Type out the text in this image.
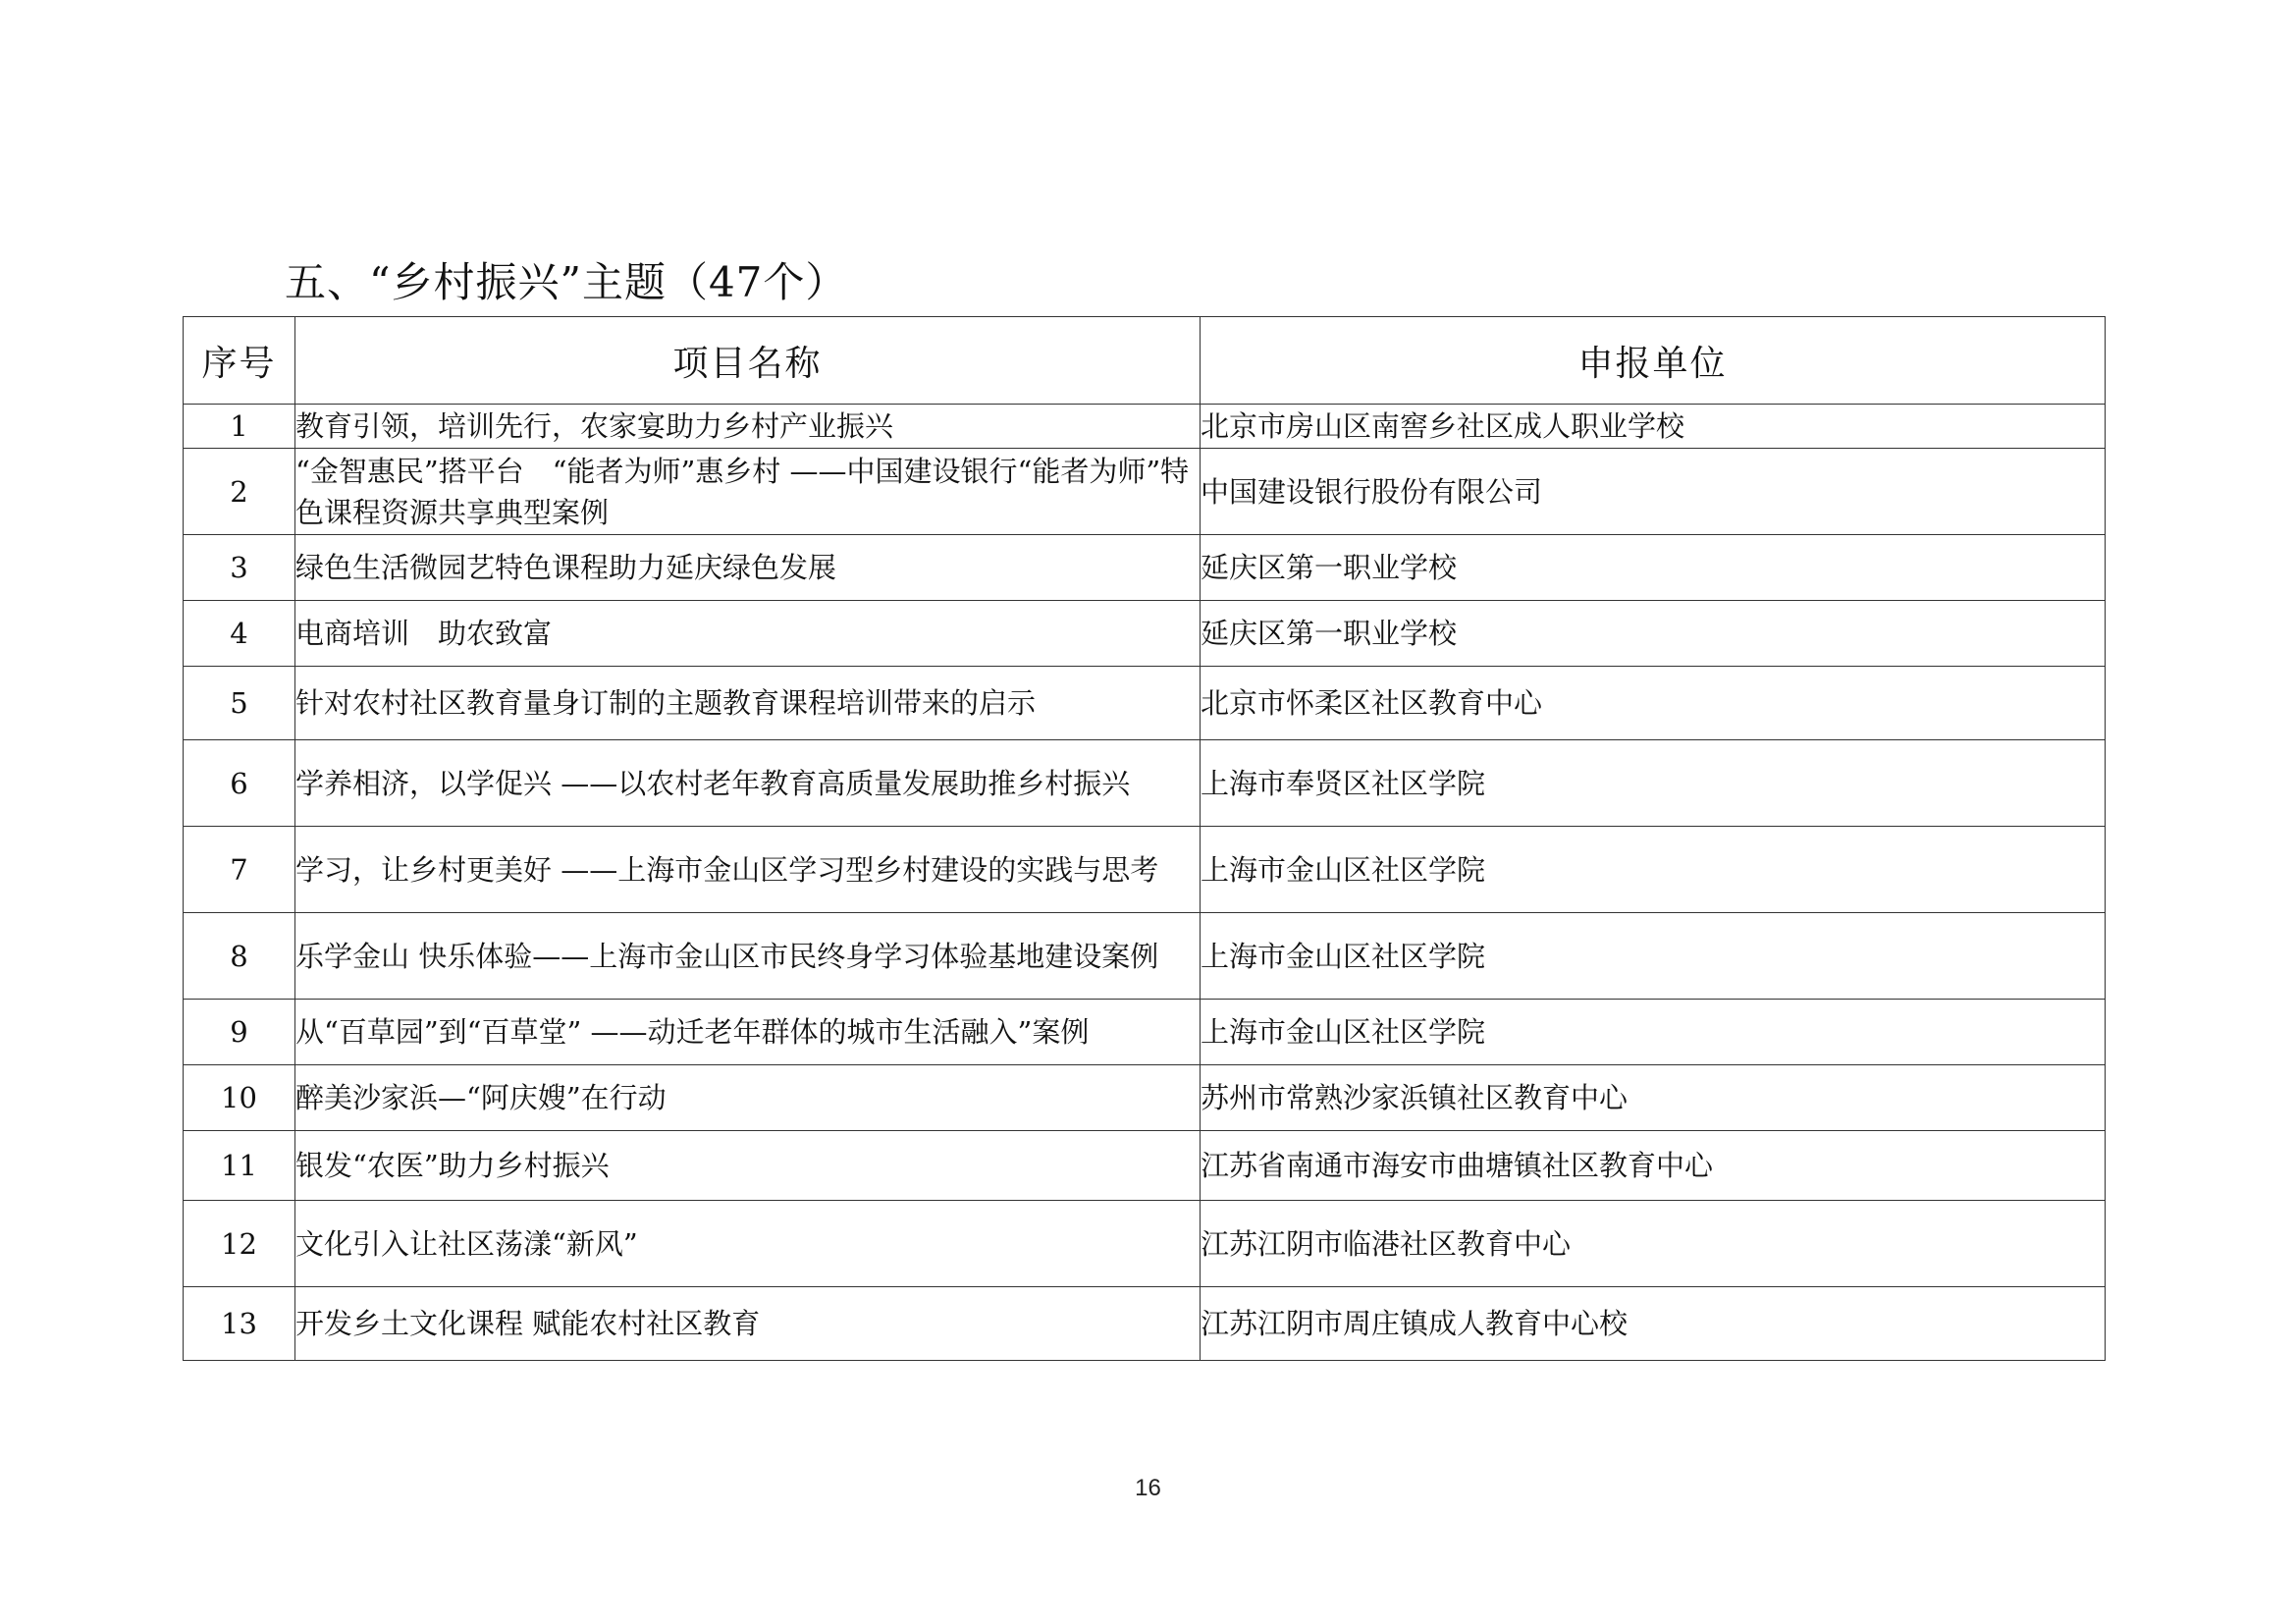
五、“乡村振兴”主题（47个）
序号	项目名称	申报单位
1	教育引领，培训先行，农家宴助力乡村产业振兴	北京市房山区南窖乡社区成人职业学校
2	“金智惠民”搭平台　“能者为师”惠乡村 ——中国建设银行“能者为师”特色课程资源共享典型案例	中国建设银行股份有限公司
3	绿色生活微园艺特色课程助力延庆绿色发展	延庆区第一职业学校
4	电商培训　助农致富	延庆区第一职业学校
5	针对农村社区教育量身订制的主题教育课程培训带来的启示	北京市怀柔区社区教育中心
6	学养相济，以学促兴 ——以农村老年教育高质量发展助推乡村振兴	上海市奉贤区社区学院
7	学习，让乡村更美好 ——上海市金山区学习型乡村建设的实践与思考	上海市金山区社区学院
8	乐学金山 快乐体验——上海市金山区市民终身学习体验基地建设案例	上海市金山区社区学院
9	从“百草园”到“百草堂” ——动迁老年群体的城市生活融入”案例	上海市金山区社区学院
10	醉美沙家浜—“阿庆嫂”在行动	苏州市常熟沙家浜镇社区教育中心
11	银发“农医”助力乡村振兴	江苏省南通市海安市曲塘镇社区教育中心
12	文化引入让社区荡漾“新风”	江苏江阴市临港社区教育中心
13	开发乡土文化课程 赋能农村社区教育	江苏江阴市周庄镇成人教育中心校
16
